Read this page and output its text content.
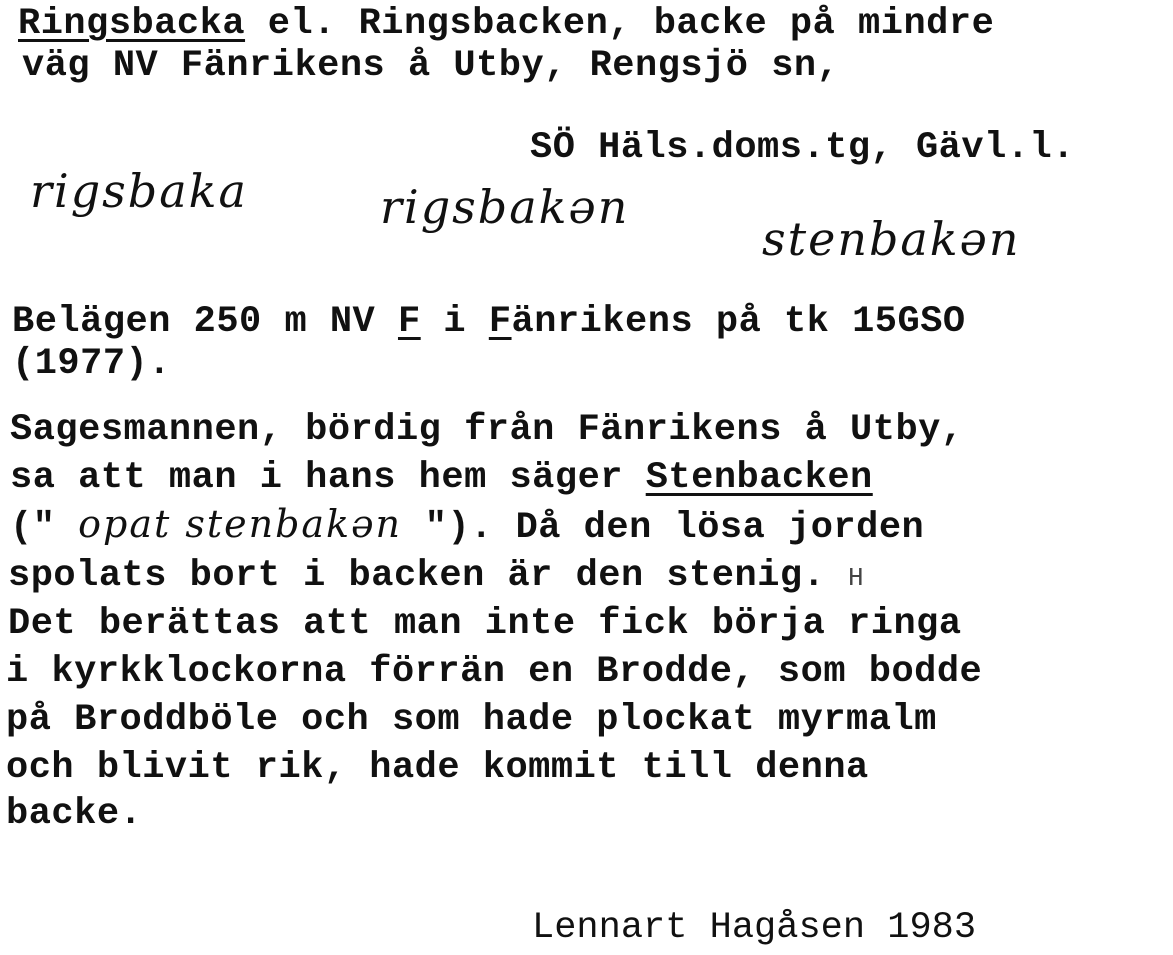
Ringsbacka el. Ringsbacken, backe på mindre
väg NV Fänrikens å Utby, Rengsjö sn,
SÖ Häls.doms.tg, Gävl.l.
rigsbaka	rigsbakən
stenbakən
Belägen 250 m NV F i Fänrikens på tk 15GSO
(1977).
Sagesmannen, bördig från Fänrikens å Utby,
sa att man i hans hem säger Stenbacken
(" opat stenbakən "). Då den lösa jorden
spolats bort i backen är den stenig. H
Det berättas att man inte fick börja ringa
i kyrkklockorna förrän en Brodde, som bodde
på Broddböle och som hade plockat myrmalm
och blivit rik, hade kommit till denna
backe.
Lennart Hagåsen 1983
